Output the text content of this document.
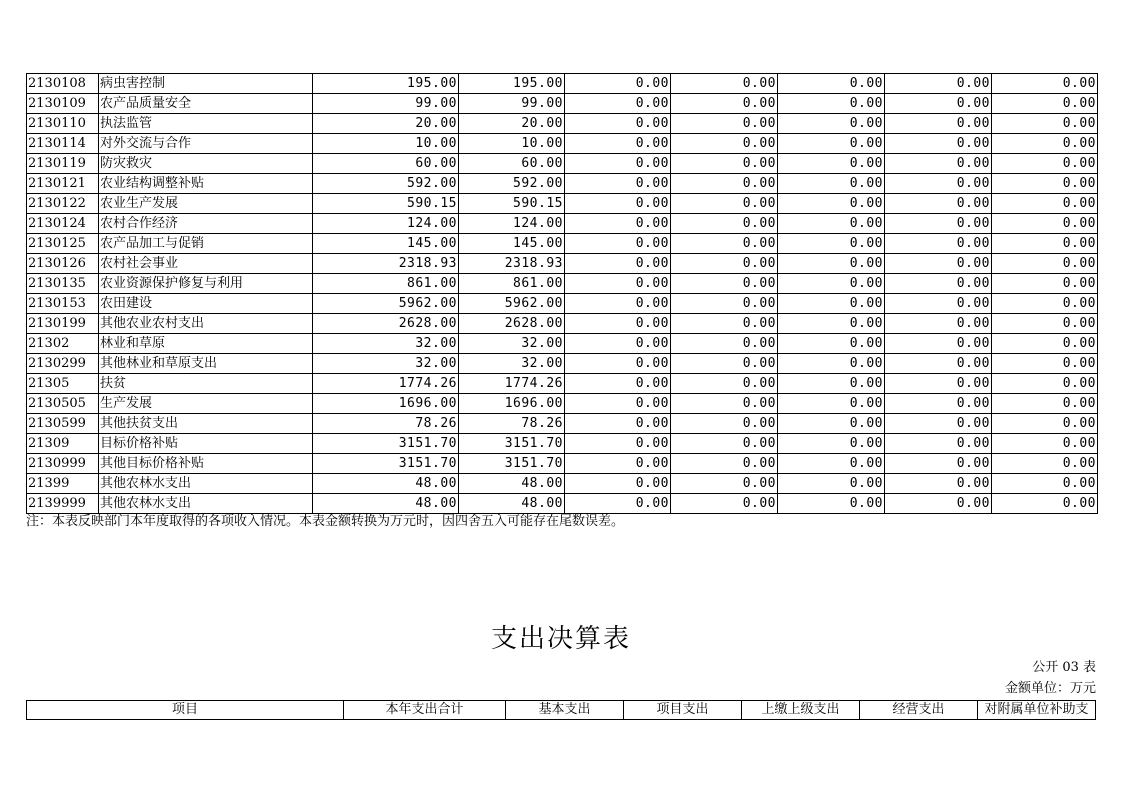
2130108	病虫害控制	195.00	195.00	0.00	0.00	0.00	0.00	0.00
2130109	农产品质量安全	99.00	99.00	0.00	0.00	0.00	0.00	0.00
2130110	执法监管	20.00	20.00	0.00	0.00	0.00	0.00	0.00
2130114	对外交流与合作	10.00	10.00	0.00	0.00	0.00	0.00	0.00
2130119	防灾救灾	60.00	60.00	0.00	0.00	0.00	0.00	0.00
2130121	农业结构调整补贴	592.00	592.00	0.00	0.00	0.00	0.00	0.00
2130122	农业生产发展	590.15	590.15	0.00	0.00	0.00	0.00	0.00
2130124	农村合作经济	124.00	124.00	0.00	0.00	0.00	0.00	0.00
2130125	农产品加工与促销	145.00	145.00	0.00	0.00	0.00	0.00	0.00
2130126	农村社会事业	2318.93	2318.93	0.00	0.00	0.00	0.00	0.00
2130135	农业资源保护修复与利用	861.00	861.00	0.00	0.00	0.00	0.00	0.00
2130153	农田建设	5962.00	5962.00	0.00	0.00	0.00	0.00	0.00
2130199	其他农业农村支出	2628.00	2628.00	0.00	0.00	0.00	0.00	0.00
21302	林业和草原	32.00	32.00	0.00	0.00	0.00	0.00	0.00
2130299	其他林业和草原支出	32.00	32.00	0.00	0.00	0.00	0.00	0.00
21305	扶贫	1774.26	1774.26	0.00	0.00	0.00	0.00	0.00
2130505	生产发展	1696.00	1696.00	0.00	0.00	0.00	0.00	0.00
2130599	其他扶贫支出	78.26	78.26	0.00	0.00	0.00	0.00	0.00
21309	目标价格补贴	3151.70	3151.70	0.00	0.00	0.00	0.00	0.00
2130999	其他目标价格补贴	3151.70	3151.70	0.00	0.00	0.00	0.00	0.00
21399	其他农林水支出	48.00	48.00	0.00	0.00	0.00	0.00	0.00
2139999	其他农林水支出	48.00	48.00	0.00	0.00	0.00	0.00	0.00
注：本表反映部门本年度取得的各项收入情况。本表金额转换为万元时，因四舍五入可能存在尾数误差。
支出决算表
公开 03 表
金额单位：万元
项目	本年支出合计	基本支出	项目支出	上缴上级支出	经营支出	对附属单位补助支
